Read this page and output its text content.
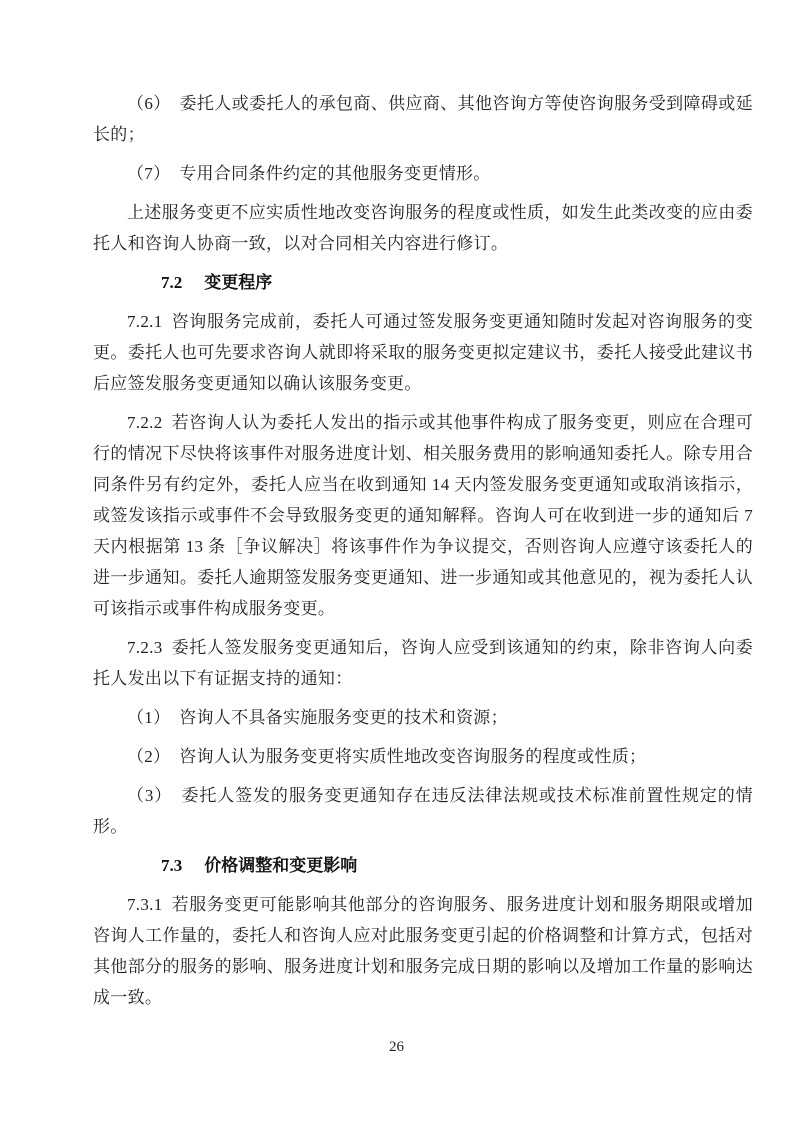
（6）　委托人或委托人的承包商、供应商、其他咨询方等使咨询服务受到障碍或延长的；

（7）　专用合同条件约定的其他服务变更情形。

上述服务变更不应实质性地改变咨询服务的程度或性质，如发生此类改变的应由委托人和咨询人协商一致，以对合同相关内容进行修订。

7.2 变更程序

7.2.1 咨询服务完成前，委托人可通过签发服务变更通知随时发起对咨询服务的变更。委托人也可先要求咨询人就即将采取的服务变更拟定建议书，委托人接受此建议书后应签发服务变更通知以确认该服务变更。

7.2.2 若咨询人认为委托人发出的指示或其他事件构成了服务变更，则应在合理可行的情况下尽快将该事件对服务进度计划、相关服务费用的影响通知委托人。除专用合同条件另有约定外，委托人应当在收到通知 14 天内签发服务变更通知或取消该指示，或签发该指示或事件不会导致服务变更的通知解释。咨询人可在收到进一步的通知后 7 天内根据第 13 条［争议解决］将该事件作为争议提交，否则咨询人应遵守该委托人的进一步通知。委托人逾期签发服务变更通知、进一步通知或其他意见的，视为委托人认可该指示或事件构成服务变更。

7.2.3 委托人签发服务变更通知后，咨询人应受到该通知的约束，除非咨询人向委托人发出以下有证据支持的通知：

（1）　咨询人不具备实施服务变更的技术和资源；

（2）　咨询人认为服务变更将实质性地改变咨询服务的程度或性质；

（3）　委托人签发的服务变更通知存在违反法律法规或技术标准前置性规定的情形。

7.3 价格调整和变更影响

7.3.1 若服务变更可能影响其他部分的咨询服务、服务进度计划和服务期限或增加咨询人工作量的，委托人和咨询人应对此服务变更引起的价格调整和计算方式，包括对其他部分的服务的影响、服务进度计划和服务完成日期的影响以及增加工作量的影响达成一致。

26
